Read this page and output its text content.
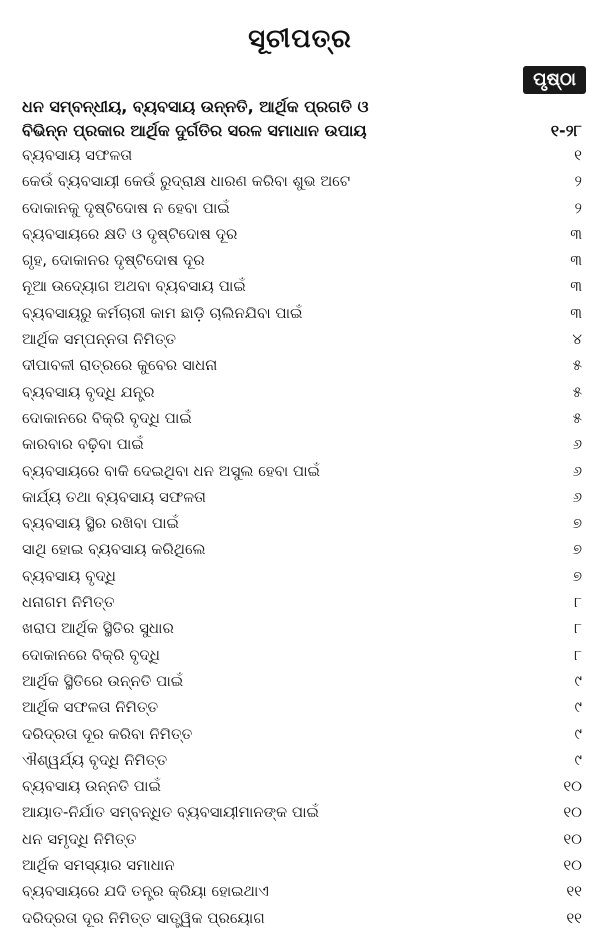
ସୂଚୀପତ୍ର
ପୃଷ୍ଠା
ଧନ ସମ୍ବନ୍ଧୀୟ, ବ୍ୟବସାୟ ଉନ୍ନତି, ଆର୍ଥିକ ପ୍ରଗତି ଓ
ବିଭିନ୍ନ ପ୍ରକାର ଆର୍ଥିକ ଦୁର୍ଗତିର ସରଳ ସମାଧାନ ଉପାୟ	୧-୨୮
ବ୍ୟବସାୟ ସଫଳତା	୧
କେଉଁ ବ୍ୟବସାୟୀ କେଉଁ ରୁଦ୍ରାକ୍ଷ ଧାରଣ କରିବା ଶୁଭ ଅଟେ	୨
ଦୋକାନକୁ ଦୃଷ୍ଟିଦୋଷ ନ ହେବା ପାଇଁ	୨
ବ୍ୟବସାୟରେ କ୍ଷତି ଓ ଦୃଷ୍ଟିଦୋଷ ଦୂର	୩
ଗୃହ, ଦୋକାନର ଦୃଷ୍ଟିଦୋଷ ଦୂର	୩
ନୂଆ ଉଦ୍ୟୋଗ ଅଥବା ବ୍ୟବସାୟ ପାଇଁ	୩
ବ୍ୟବସାୟରୁ କର୍ମଚାରୀ କାମ ଛାଡ଼ି ଚାଲିନଯିବା ପାଇଁ	୩
ଆର୍ଥିକ ସମ୍ପନ୍ନତା ନିମିତ୍ତ	୪
ଦୀପାବଳୀ ରାତ୍ରରେ କୁବେର ସାଧନା	୫
ବ୍ୟବସାୟ ବୃଦ୍ଧି ଯନ୍ତ୍ର	୫
ଦୋକାନରେ ବିକ୍ରି ବୃଦ୍ଧି ପାଇଁ	୫
କାରବାର ବଢ଼ିବା ପାଇଁ	୬
ବ୍ୟବସାୟରେ ବାକି ଦେଇଥିବା ଧନ ଅସୁଲ ହେବା ପାଇଁ	୬
କାର୍ଯ୍ୟ ତଥା ବ୍ୟବସାୟ ସଫଳତା	୬
ବ୍ୟବସାୟ ସ୍ଥିର ରଖିବା ପାଇଁ	୭
ସାଥି ହୋଇ ବ୍ୟବସାୟ କରିଥିଲେ	୭
ବ୍ୟବସାୟ ବୃଦ୍ଧି	୭
ଧନାଗମ ନିମିତ୍ତ	୮
ଖରାପ ଆର୍ଥିକ ସ୍ଥିତିର ସୁଧାର	୮
ଦୋକାନରେ ବିକ୍ରି ବୃଦ୍ଧି	୮
ଆର୍ଥିକ ସ୍ଥିତିରେ ଉନ୍ନତି ପାଇଁ	୯
ଆର୍ଥିକ ସଫଳତା ନିମିତ୍ତ	୯
ଦରିଦ୍ରତା ଦୂର କରିବା ନିମିତ୍ତ	୯
ଐଶ୍ୱର୍ଯ୍ୟ ବୃଦ୍ଧି ନିମିତ୍ତ	୯
ବ୍ୟବସାୟ ଉନ୍ନତି ପାଇଁ	୧୦
ଆୟାତ-ନିର୍ଯାତ ସମ୍ବନ୍ଧିତ ବ୍ୟବସାୟୀମାନଙ୍କ ପାଇଁ	୧୦
ଧନ ସମୃଦ୍ଧି ନିମିତ୍ତ	୧୦
ଆର୍ଥିକ ସମସ୍ୟାର ସମାଧାନ	୧୦
ବ୍ୟବସାୟରେ ଯଦି ତନ୍ତ୍ର କ୍ରିୟା ହୋଇଥାଏ	୧୧
ଦରିଦ୍ରତା ଦୂର ନିମିତ୍ତ ସାତ୍ତ୍ୱିକ ପ୍ରୟୋଗ	୧୧
